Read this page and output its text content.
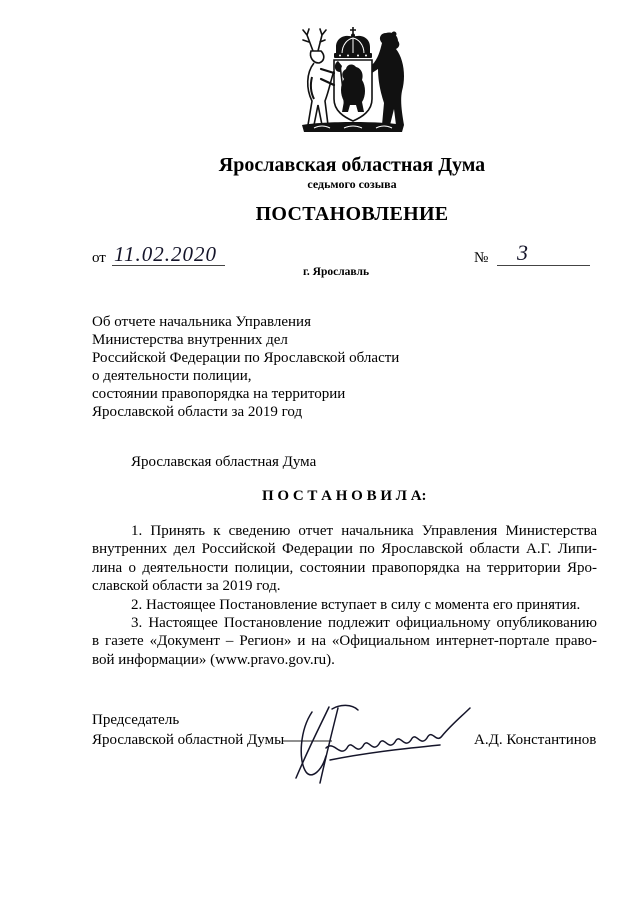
Ярославская областная Дума
седьмого созыва
ПОСТАНОВЛЕНИЕ
от 11.02.2020	№ 3
г. Ярославль
Об отчете начальника Управления
Министерства внутренних дел
Российской Федерации по Ярославской области
о деятельности полиции,
состоянии правопорядка на территории
Ярославской области за 2019 год
Ярославская областная Дума
П О С Т А Н О В И Л А:
1. Принять к сведению отчет начальника Управления Министерства
внутренних дел Российской Федерации по Ярославской области А.Г. Липи-
лина о деятельности полиции, состоянии правопорядка на территории Яро-
славской области за 2019 год.
2. Настоящее Постановление вступает в силу с момента его принятия.
3. Настоящее Постановление подлежит официальному опубликованию
в газете «Документ – Регион» и на «Официальном интернет-портале право-
вой информации» (www.pravo.gov.ru).
Председатель
Ярославской областной Думы	А.Д. Константинов
